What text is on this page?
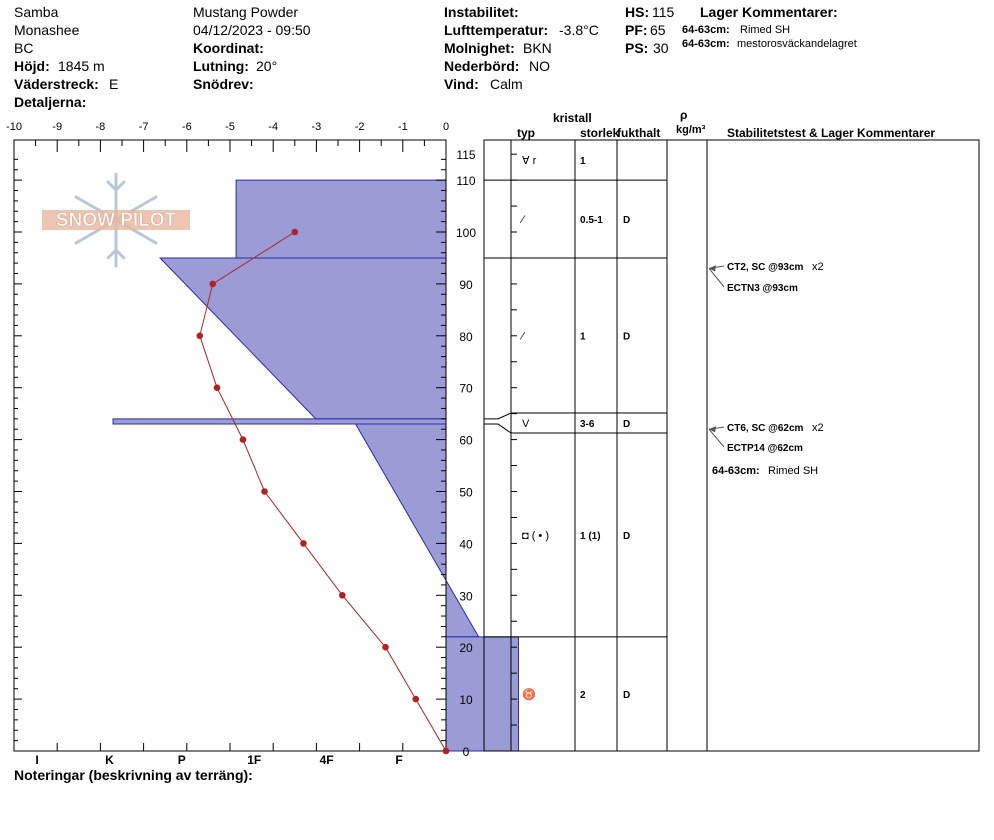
Samba
Monashee
BC
Höjd: 1845 m
Väderstreck: E
Detaljerna:
Mustang Powder
04/12/2023 - 09:50
Koordinat:
Lutning: 20°
Snödrev:
Instabilitet:
Lufttemperatur: -3.8°C
Molnighet: BKN
Nederbörd: NO
Vind: Calm
HS: 115
PF: 65
PS: 30
Lager Kommentarer:
64-63cm: Rimed SH
64-63cm: mestorosväckandelagret
kristall
typ	storlek
fukthalt
ρ
kg/m³ Stabilitetstest & Lager Kommentarer
Noteringar (beskrivning av terräng):
SNOW PILOT
-10	-9	-8	-7	-6	-5	-4	-3	-2	-1	0
0
10
20
30
40
50
60
70
80
90
100
110
115
I	K	P	1F	4F	F
∀ r	1
⁄	0.5-1 D
⁄	1	D
V	3-6	D
◘ ( • )	1 (1) D
♉	2	D
CT2, SC @93cm x2
ECTN3 @93cm
CT6, SC @62cm x2
ECTP14 @62cm
64-63cm: Rimed SH
